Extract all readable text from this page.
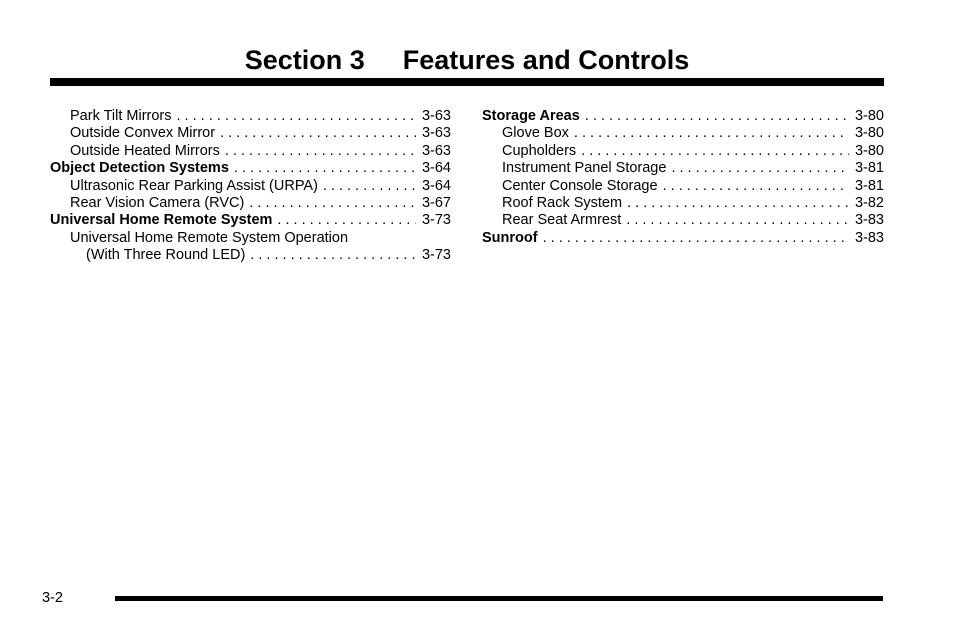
Section 3 Features and Controls
Park Tilt Mirrors . . .	3-63
Outside Convex Mirror . . .	3-63
Outside Heated Mirrors . . .	3-63
Object Detection Systems . . .	3-64
Ultrasonic Rear Parking Assist (URPA) . . .	3-64
Rear Vision Camera (RVC) . . .	3-67
Universal Home Remote System . . .	3-73
Universal Home Remote System Operation
(With Three Round LED) . . .	3-73
Storage Areas . . .	3-80
Glove Box . . .	3-80
Cupholders . . .	3-80
Instrument Panel Storage . . .	3-81
Center Console Storage . . .	3-81
Roof Rack System . . .	3-82
Rear Seat Armrest . . .	3-83
Sunroof . . .	3-83
3-2
